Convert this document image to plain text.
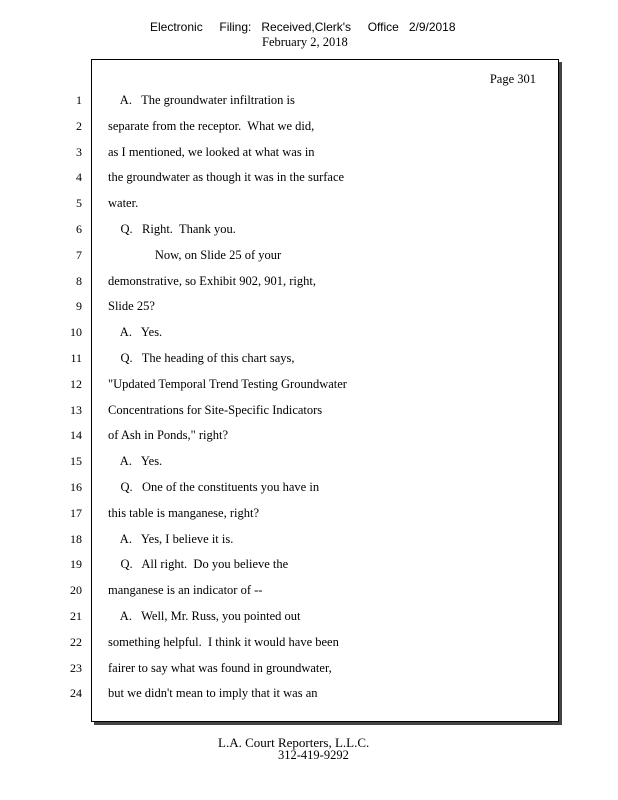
Electronic     Filing:   Received,Clerk's     Office   2/9/2018

February 2, 2018

Page 301
1 A.   The groundwater infiltration is
2 separate from the receptor.  What we did,
3 as I mentioned, we looked at what was in
4 the groundwater as though it was in the surface
5 water.
6 Q.   Right.  Thank you.
7 Now, on Slide 25 of your
8 demonstrative, so Exhibit 902, 901, right,
9 Slide 25?
10 A.   Yes.
11 Q.   The heading of this chart says,
12 "Updated Temporal Trend Testing Groundwater
13 Concentrations for Site-Specific Indicators
14 of Ash in Ponds," right?
15 A.   Yes.
16 Q.   One of the constituents you have in
17 this table is manganese, right?
18 A.   Yes, I believe it is.
19 Q.   All right.  Do you believe the
20 manganese is an indicator of --
21 A.   Well, Mr. Russ, you pointed out
22 something helpful.  I think it would have been
23 fairer to say what was found in groundwater,
24 but we didn't mean to imply that it was an
L.A. Court Reporters, L.L.C.
312-419-9292
